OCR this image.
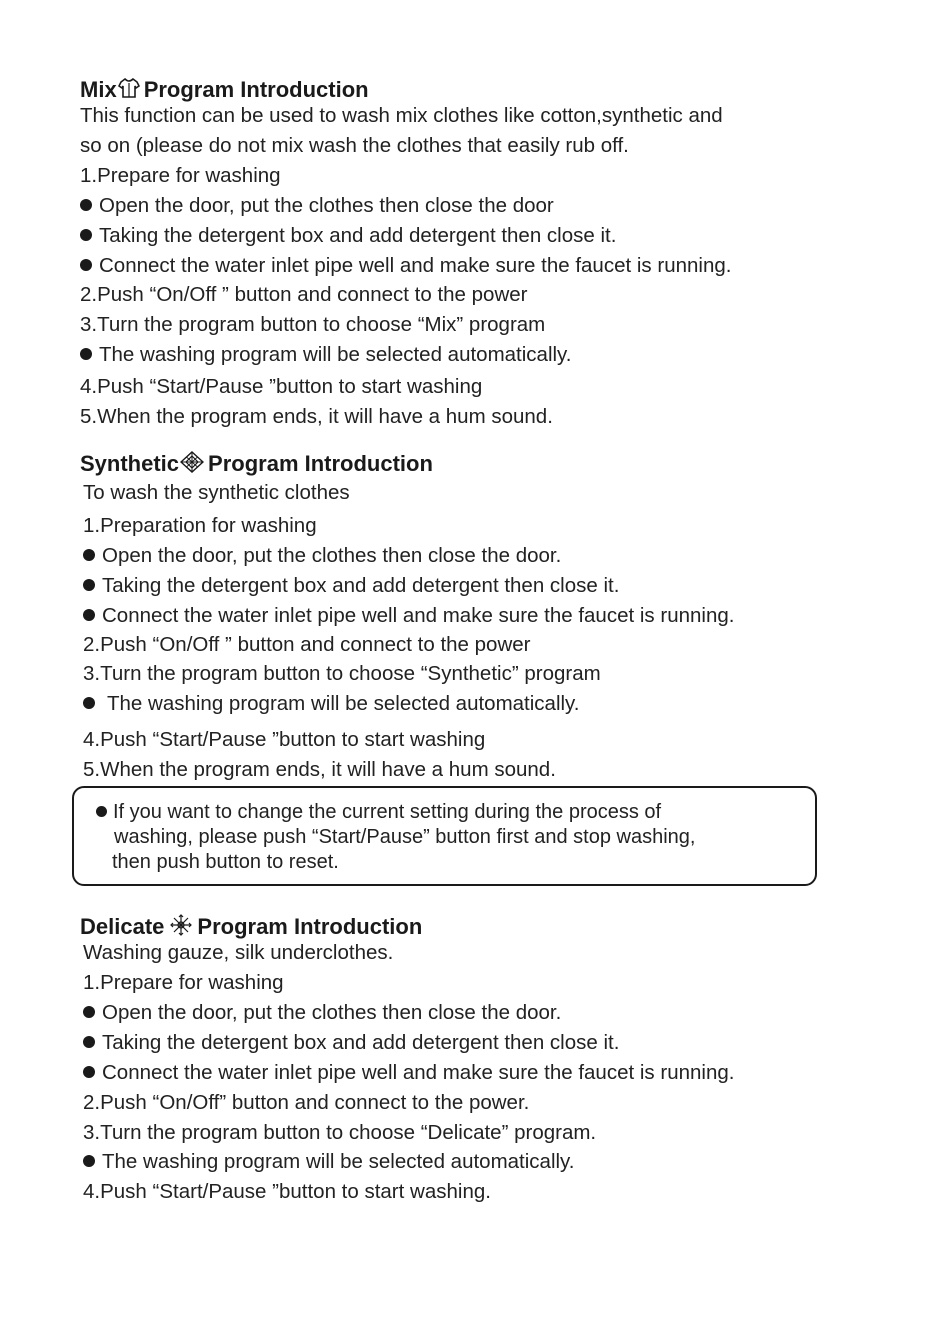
Mix Program Introduction
This function can be used to wash mix clothes like cotton,synthetic and
so on (please do not mix wash the clothes that easily rub off.
1.Prepare for washing
Open the door, put the clothes then close the door
Taking the detergent box and add detergent then close it.
Connect the water inlet pipe well and make sure the faucet is running.
2.Push “On/Off ” button and connect to the power
3.Turn the program button to choose “Mix” program
The washing program will be selected automatically.
4.Push “Start/Pause ”button to start washing
5.When the program ends, it will have a hum sound.
Synthetic Program Introduction
To wash the synthetic clothes
1.Preparation for washing
Open the door, put the clothes then close the door.
Taking the detergent box and add detergent then close it.
Connect the water inlet pipe well and make sure the faucet is running.
2.Push “On/Off ” button and connect to the power
3.Turn the program button to choose “Synthetic” program
The washing program will be selected automatically.
4.Push “Start/Pause ”button to start washing
5.When the program ends, it will have a hum sound.
If you want to change the current setting during the process of
washing, please push “Start/Pause” button first and stop washing,
then push button to reset.
Delicate Program Introduction
Washing gauze, silk underclothes.
1.Prepare for washing
Open the door, put the clothes then close the door.
Taking the detergent box and add detergent then close it.
Connect the water inlet pipe well and make sure the faucet is running.
2.Push “On/Off” button and connect to the power.
3.Turn the program button to choose “Delicate” program.
The washing program will be selected automatically.
4.Push “Start/Pause ”button to start washing.
